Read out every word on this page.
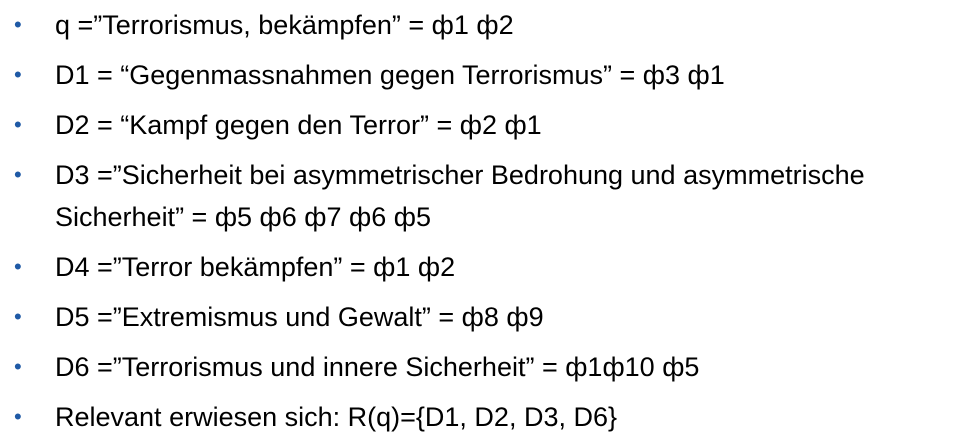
• q =”Terrorismus, bekämpfen” = ф1 ф2
• D1 = “Gegenmassnahmen gegen Terrorismus” = ф3 ф1
• D2 = “Kampf gegen den Terror” = ф2 ф1
• D3 =”Sicherheit bei asymmetrischer Bedrohung und asymmetrische Sicherheit” = ф5 ф6 ф7 ф6 ф5
• D4 =”Terror bekämpfen” = ф1 ф2
• D5 =”Extremismus und Gewalt” = ф8 ф9
• D6 =”Terrorismus und innere Sicherheit” = ф1ф10 ф5
• Relevant erwiesen sich: R(q)={D1, D2, D3, D6}
